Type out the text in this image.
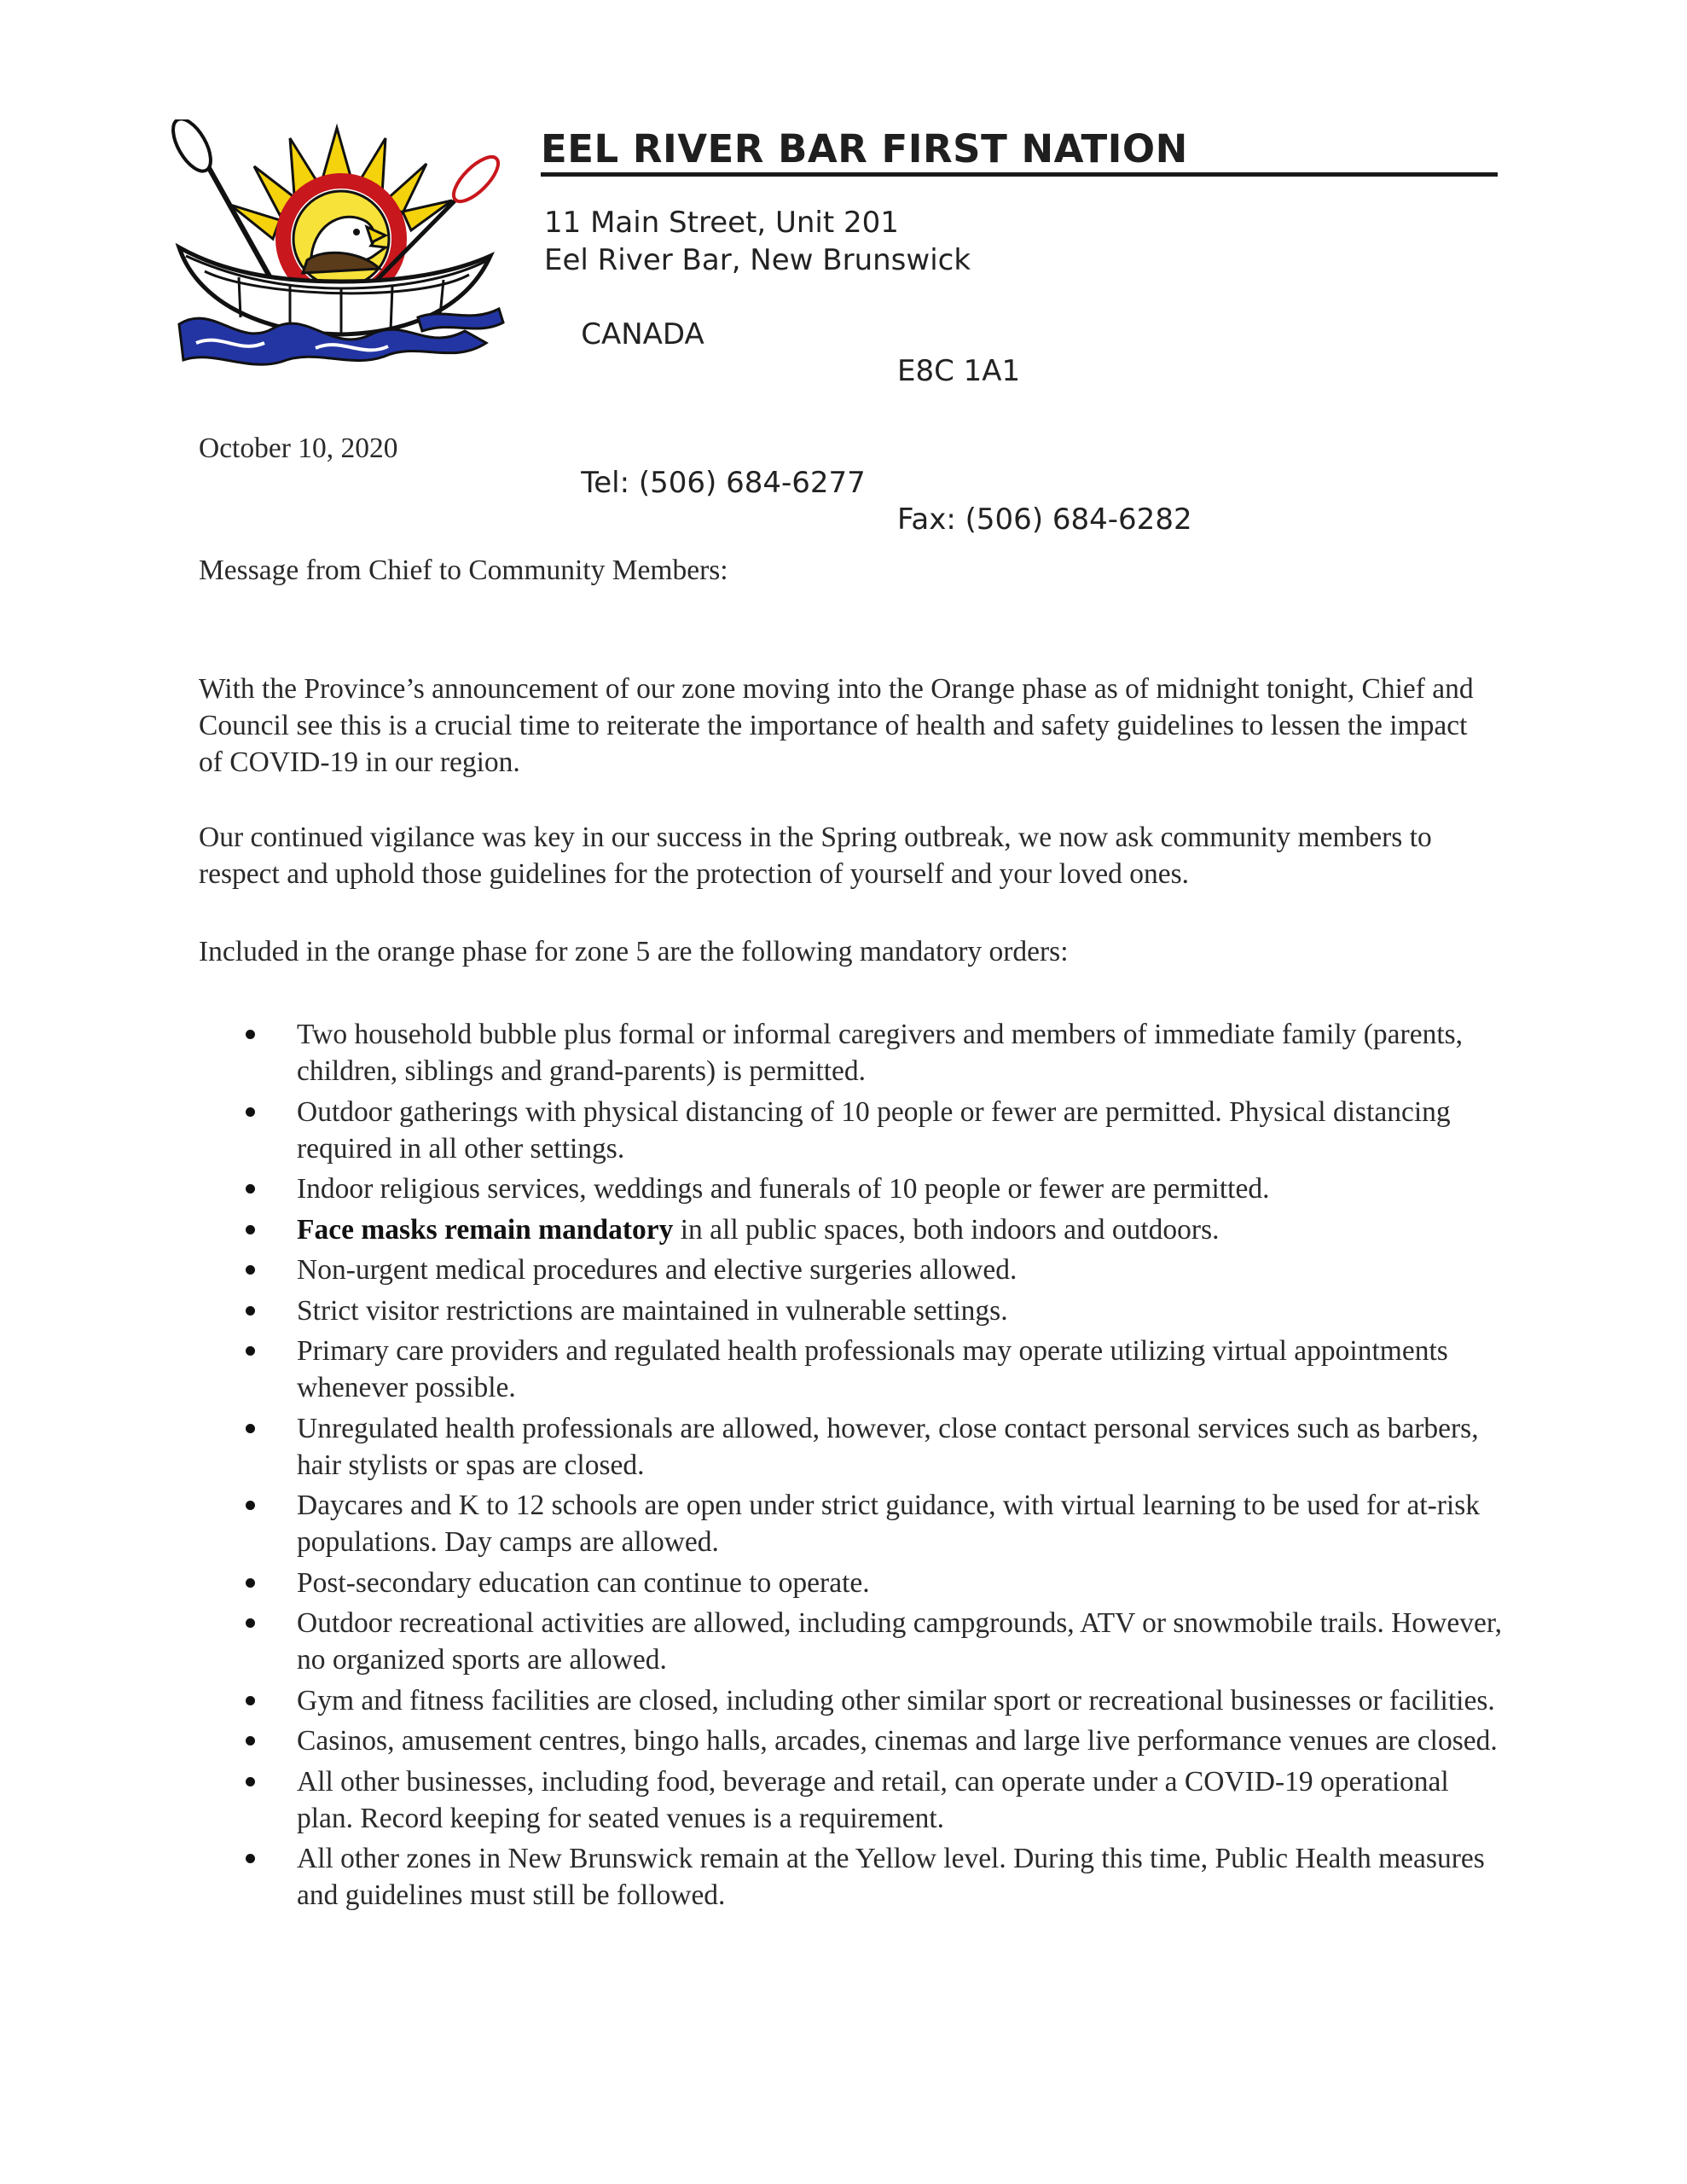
EEL RIVER BAR FIRST NATION
11 Main Street, Unit 201
Eel River Bar, New Brunswick

CANADA

E8C 1A1

Tel: (506) 684-6277

Fax: (506) 684-6282

October 10, 2020
Message from Chief to Community Members:

With the Province’s announcement of our zone moving into the Orange phase as of midnight tonight, Chief and Council see this is a crucial time to reiterate the importance of health and safety guidelines to lessen the impact of COVID-19 in our region.

Our continued vigilance was key in our success in the Spring outbreak, we now ask community members to respect and uphold those guidelines for the protection of yourself and your loved ones.

Included in the orange phase for zone 5 are the following mandatory orders:

Two household bubble plus formal or informal caregivers and members of immediate family (parents, children, siblings and grand-parents) is permitted.
Outdoor gatherings with physical distancing of 10 people or fewer are permitted. Physical distancing required in all other settings.
Indoor religious services, weddings and funerals of 10 people or fewer are permitted.
Face masks remain mandatory in all public spaces, both indoors and outdoors.
Non-urgent medical procedures and elective surgeries allowed.
Strict visitor restrictions are maintained in vulnerable settings.
Primary care providers and regulated health professionals may operate utilizing virtual appointments whenever possible.
Unregulated health professionals are allowed, however, close contact personal services such as barbers, hair stylists or spas are closed.
Daycares and K to 12 schools are open under strict guidance, with virtual learning to be used for at-risk populations. Day camps are allowed.
Post-secondary education can continue to operate.
Outdoor recreational activities are allowed, including campgrounds, ATV or snowmobile trails. However, no organized sports are allowed.
Gym and fitness facilities are closed, including other similar sport or recreational businesses or facilities.
Casinos, amusement centres, bingo halls, arcades, cinemas and large live performance venues are closed.
All other businesses, including food, beverage and retail, can operate under a COVID-19 operational plan. Record keeping for seated venues is a requirement.
All other zones in New Brunswick remain at the Yellow level. During this time, Public Health measures and guidelines must still be followed.
